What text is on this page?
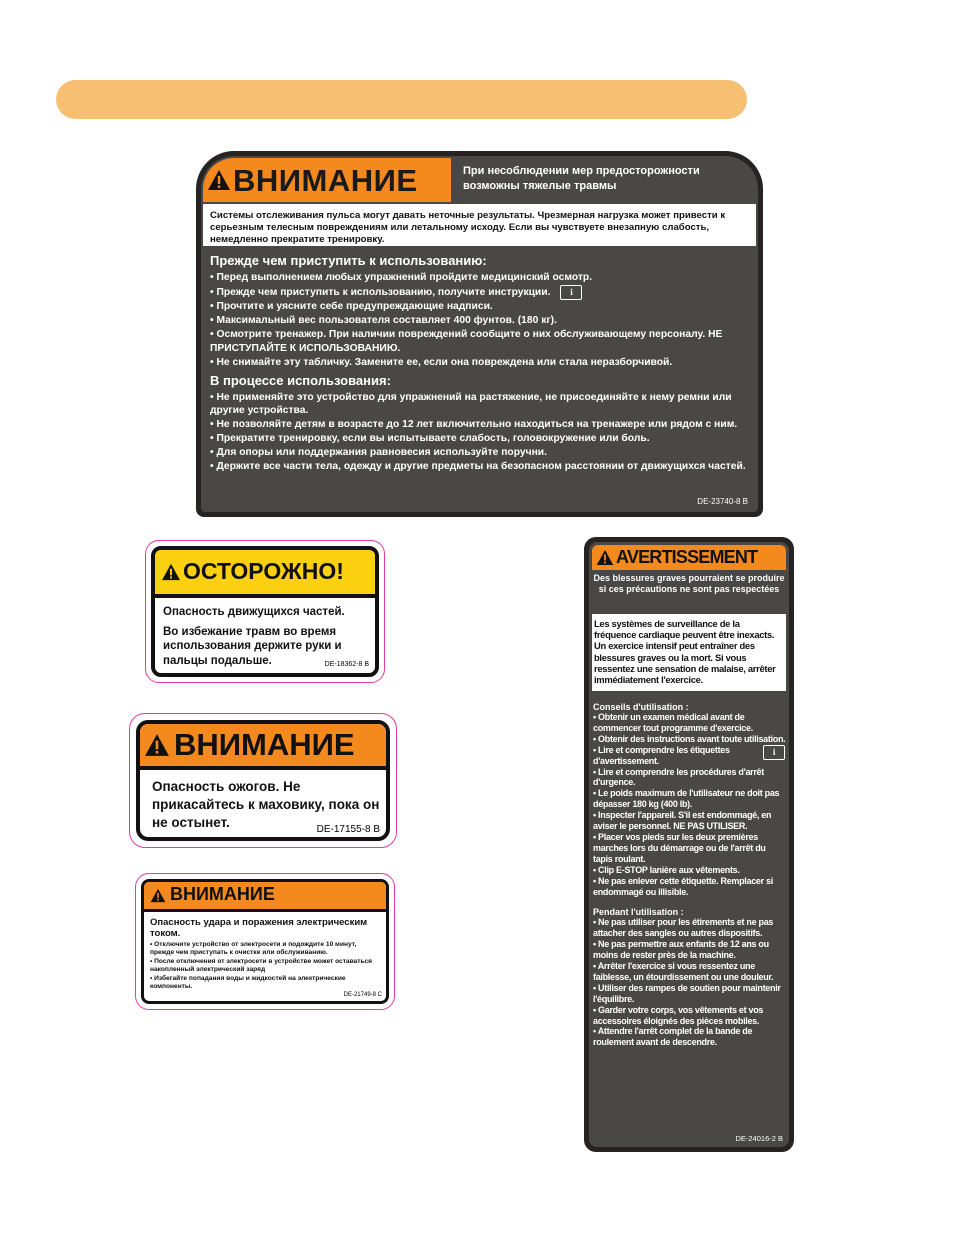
ВНИМАНИЕ	При несоблюдении мер предосторожности возможны тяжелые травмы
Системы отслеживания пульса могут давать неточные результаты. Чрезмерная нагрузка может привести к серьезным телесным повреждениям или летальному исходу. Если вы чувствуете внезапную слабость, немедленно прекратите тренировку.
Прежде чем приступить к использованию:
• Перед выполнением любых упражнений пройдите медицинский осмотр.
• Прежде чем приступить к использованию, получите инструкции. i
• Прочтите и уясните себе предупреждающие надписи.
• Максимальный вес пользователя составляет 400 фунтов. (180 кг).
• Осмотрите тренажер. При наличии повреждений сообщите о них обслуживающему персоналу. НЕ ПРИСТУПАЙТЕ К ИСПОЛЬЗОВАНИЮ.
• Не снимайте эту табличку. Замените ее, если она повреждена или стала неразборчивой.
В процессе использования:
• Не применяйте это устройство для упражнений на растяжение, не присоединяйте к нему ремни или другие устройства.
• Не позволяйте детям в возрасте до 12 лет включительно находиться на тренажере или рядом с ним.
• Прекратите тренировку, если вы испытываете слабость, головокружение или боль.
• Для опоры или поддержания равновесия используйте поручни.
• Держите все части тела, одежду и другие предметы на безопасном расстоянии от движущихся частей.
DE-23740-8 B
ОСТОРОЖНО!
Опасность движущихся частей.
Во избежание травм во время использования держите руки и пальцы подальше.	DE-18362-8 B
ВНИМАНИЕ
Опасность ожогов. Не прикасайтесь к маховику, пока он не остынет.	DE-17155-8 B
ВНИМАНИЕ
Опасность удара и поражения электрическим током.
• Отключите устройство от электросети и подождите 10 минут, прежде чем приступать к очистке или обслуживанию.
• После отключения от электросети в устройстве может оставаться накопленный электрический заряд
• Избегайте попадания воды и жидкостей на электрические компоненты.
DE-21749-8 C
AVERTISSEMENT
Des blessures graves pourraient se produire si ces précautions ne sont pas respectées
Les systèmes de surveillance de la fréquence cardiaque peuvent être inexacts. Un exercice intensif peut entraîner des blessures graves ou la mort. Si vous ressentez une sensation de malaise, arrêter immédiatement l'exercice.
Conseils d'utilisation :
• Obtenir un examen médical avant de commencer tout programme d'exercice.
• Obtenir des instructions avant toute utilisation.
• Lire et comprendre les étiquettes d'avertissement.
i
• Lire et comprendre les procédures d'arrêt d'urgence.
• Le poids maximum de l'utilisateur ne doit pas dépasser 180 kg (400 lb).
• Inspecter l'appareil. S'il est endommagé, en aviser le personnel. NE PAS UTILISER.
• Placer vos pieds sur les deux premières marches lors du démarrage ou de l'arrêt du tapis roulant.
• Clip E-STOP lanière aux vêtements.
• Ne pas enlever cette étiquette. Remplacer si endommagé ou illisible.
Pendant l'utilisation :
• Ne pas utiliser pour les étirements et ne pas attacher des sangles ou autres dispositifs.
• Ne pas permettre aux enfants de 12 ans ou moins de rester près de la machine.
• Arrêter l'exercice si vous ressentez une faiblesse, un étourdissement ou une douleur.
• Utiliser des rampes de soutien pour maintenir l'équilibre.
• Garder votre corps, vos vêtements et vos accessoires éloignés des pièces mobiles.
• Attendre l'arrêt complet de la bande de roulement avant de descendre.
DE-24016-2 B
